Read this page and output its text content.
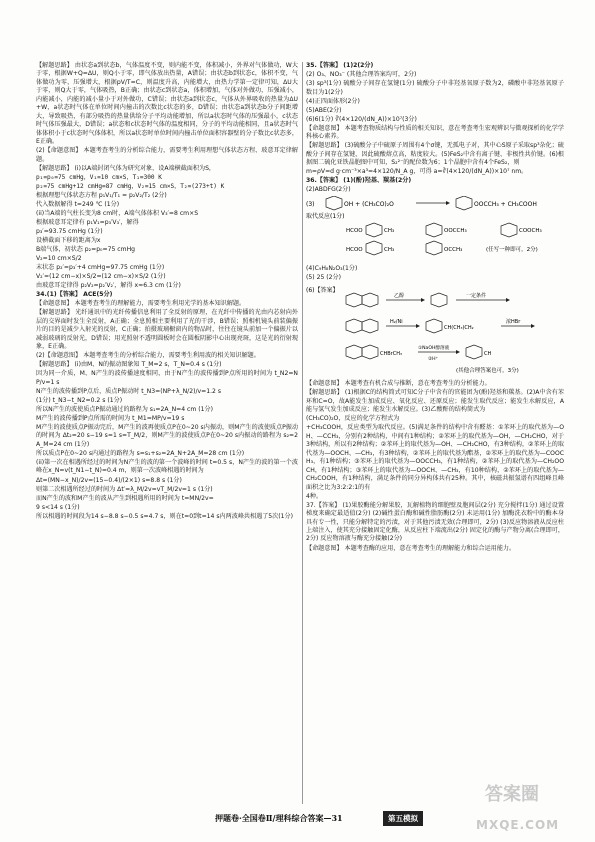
【解题思路】 由状态a到状态b，气体温度不变，则内能不变，体积减小，外界对气体做功，W大于零，根据W+Q=ΔU，则Q小于零，即气体放出热量，A错误；由状态b到状态c，体积不变，气体做功为零，压强增大，根据pV/T=C，则温度升高，内能增大，由热力学第一定律可知，ΔU大于零，则Q大于零，气体吸热，B正确；由状态c到状态a，体积增加，气体对外做功，压强减小，内能减小，内能的减小量小于对外做功，C错误；由状态a到状态c，气体从外界吸收的热量为ΔU+W，a状态时气体在单位时间内撞击的次数比c状态的多，D错误；由状态a到状态b分子间距增大，导致吸热，有部分吸热的热量供给分子平均动能增加，所以a状态时气体的压强最小，c状态时气体压强最大，D错误；a状态和c状态时气体的温度相同，分子的平均动能相同，且a状态时气体体积小于c状态时气体体积，所以a状态时单位时间内撞击单位面积容器壁的分子数比c状态多，E正确。

(2)【命题意图】 本题考查考生的分析综合能力，需要考生利用理想气体状态方程、玻意耳定律解题。

【解题思路】 (i)以A端封闭气体为研究对象，设A端横截面积为S，

p₁=p₀=75 cmHg，V₁=10 cm×S，T₁=300 K

p₂=75 cmHg+12 cmHg=87 cmHg，V₂=15 cm×S，T₂=(273+t) K

根据理想气体状态方程 p₁V₁/T₁ = p₂V₂/T₂ (2分)

代入数据解得 t=249 ℃ (1分)

(ii)当A端的气柱长变为8 cm时，A端气体体积 V₃′=8 cm×S

根据玻意耳定律有 p₁V₁=p₃′V₃′，解得

p₃′=93.75 cmHg (1分)

设横截面下移的距离为x

B端气体，初状态 p₂=p₀=75 cmHg

V₂=10 cm×S/2

末状态 p₂′=p₃′+4 cmHg=97.75 cmHg (1分)

V₂′=(12 cm−x)×S/2=(12 cm−x)×S/2 (1分)

由玻意耳定律得 p₂V₂=p₂′V₂′，解得 x≈6.3 cm (1分)

34.(1)【答案】 ACE(5分)

【命题意图】 本题考查考生的理解能力，需要考生利用光学的基本知识解题。

【解题思路】 光纤通讯中的光纤传播信息利用了全反射的原理，在光纤中传播的光由内芯射向外层的交界面时发生全反射，A正确；全息照相主要利用了光的干涉，B错误；照相机镜头前装偏振片的目的是减少入射光的反射，C正确；拍摄玻璃橱窗内的物品时，往往在镜头前加一个偏振片以减弱玻璃的反射光，D错误；用光照射不透明圆板时会在圆板阴影中心出现亮斑，这是光的衍射现象，E正确。

(2)【命题意图】 本题考查考生的分析综合能力，需要考生利用波的相关知识解题。

【解题思路】 (i)由M、N的振动图象知 T_M=2 s，T_N=0.4 s (1分)

因为同一介质，M、N产生的波传播速度相同，由于N产生的波传播到P点所用的时间为 t_N2=NP/v=1 s

N产生的波传播到P点后，质点P振动时 t_N3=(NP+λ_N/2)/v=1.2 s

(1分) t_N3−t_N2=0.2 s (1分)

所以N产生的波使质点P振动通过的路程为 s₁=2A_N=4 cm (1分)

M产生的波传播到P点所需的时间为 t_M1=MP/v=19 s

M产生的波使质点P振动完后，M产生的波再使质点P在0~20 s内振动，则M产生的波使质点P振动的时间为 Δt₂=20 s−19 s=1 s=T_M/2，则M产生的波使质点P在0~20 s内振动的路程为 s₂=2A_M=24 cm (1分)

所以质点P在0~20 s内通过的路程为 s=s₁+s₂=2A_N+2A_M=28 cm (1分)

(ii)第一次在相遇所经过的时间为N产生的波的第一个波峰的时间 t=0.5 s，N产生的波的第一个波峰在x_N=v(t_N1−t_N)=0.4 m，则第一次波峰相遇的时间为

Δt=(MN−x_N)/2v=(15−0.4)/(2×1) s=8.8 s (1分)

则第二次相遇所经过的时间为 Δt′=λ_M/2v=vT_M/2v=1 s (1分)

而N产生的波和M产生的波从产生到相遇所用的时间为 t=MN/2v=

9 s<14 s (1分)

所以相遇的时间段为14 s−8.8 s−0.5 s=4.7 s，则在t=0到t=14 s内两波峰共相遇了5次(1分)

35.【答案】 (1)2(2分)

(2) O₃、NO₃⁻ (其他合理答案均可，2分)

(3) sp³(1分) 硫酸分子间存在氢键(1分) 硫酸分子中非羟基氧原子数为2，磷酸中非羟基氧原子数目为1(2分)

(4)正四面体形(2分)

(5)ABE(2分)

(6)6(1分) ∛(4×120/(dN_A))×10⁷(3分)

【命题意图】 本题考查物质结构与性质的相关知识，意在考查考生宏观辨识与微观探析的化学学科核心素养。

【解题思路】 (3)硫酸分子中硫原子周围有4个σ键，无孤电子对，其中心S原子采取sp³杂化；硫酸分子间存在氢键，因此硫酸熔点高，粘度较大。(5)FeS₂中含有离子键、非极性共价键。(6)根据图二硫化亚铁晶胞图中可知，S₂²⁻的配位数为6；1个晶胞中含有4个FeS₂，则

m=ρV=d g·cm⁻³×a³=4×120/N_A g，可得 a=∛(4×120/(dN_A))×10⁷ nm。

36.【答案】 (1)(酚)羟基、羰基(2分)

(2)ABDFG(2分)

(3)	OH + (CH₃CO)₂O	OOCCH₃ + CH₃COOH
取代反应(1分)
HCOO	CH₃	OOCCH₃	COOCH₃
HCOO	CH₃	OCCH₃	(任写一种即可，2分)

(4)C₉H₈N₂O₃(1分)

(5) 25 (2分)

(6)【答案】
乙醇	一定条件
H₂/Ni
CH(CH₃)CH₂
浓HBr
CHBrCH₃
①NaOH醇溶液
②H⁺
CH
(其他合理答案也可，3分)

【命题意图】 本题考查有机合成与推断，意在考查考生的分析能力。

【解题思路】 (1)根据C的结构简式可知C分子中含有的官能团为(酚)羟基和羰基。(2)A中含有苯环和C=O，故A能发生加成反应、氧化反应、还原反应；能发生取代反应；能发生水解反应，A能与氢气发生加成反应；能发生水解反应。(3)乙酸酐的结构简式为

(CH₃CO)₂O，反应的化学方程式为

+CH₃COOH，反应类型为取代反应。(5)满足条件的结构中含有醛基：①苯环上的取代基为—OH、—CCH₃，分别有2种结构，中间有1种结构；②苯环上的取代基为—OH，—CH₂CHO，对于3种结构，所以有2种结构；②苯环上的取代基为—OH、—CH₂CHO，有3种结构，②苯环上的取代基为—OOCH、—CH₃，有3种结构，②苯环上的取代基为酯基，②苯环上的取代基为—COOCH₃，有1种结构；③苯环上的取代基为—OOCCH₃，有1种结构，②苯环上的取代基为—CH₂OOCH，有1种结构；③苯环上的取代基为—OOCH、—CH₃，有10种结构，②苯环上的取代基为—CH₂COOH，有1种结构，满足条件的同分异构体共有25种。其中，核磁共振氢谱有四组峰且峰面积之比为3:2:2:1的有

4种。

37.【答案】 (1)果胶酶能分解果胶，瓦解植物的细胞壁及胞间层(2分) 充分搅拌(1分) 通过设置梯度来确定最适值(2分) (2)碱性蛋白酶和碱性脂肪酶(2分) 未运用(1分) 加酶洗衣粉中的酶本身具有专一性，只能分解特定的污渍，对于其他污渍无效(合理即可，2分) (3)反应物溶液从反应柱上端注入，使其充分接触固定化酶，从反应柱下端流出(2分) 固定化的酶与产物分离(合理即可，2分) 反应物溶液与酶充分接触(2分)

【命题意图】 本题考查酶的应用，意在考查考生的理解能力和综合运用能力。

押题卷·全国卷Ⅱ/理科综合答案—31	第五模拟
答案圈
MXQE.COM
